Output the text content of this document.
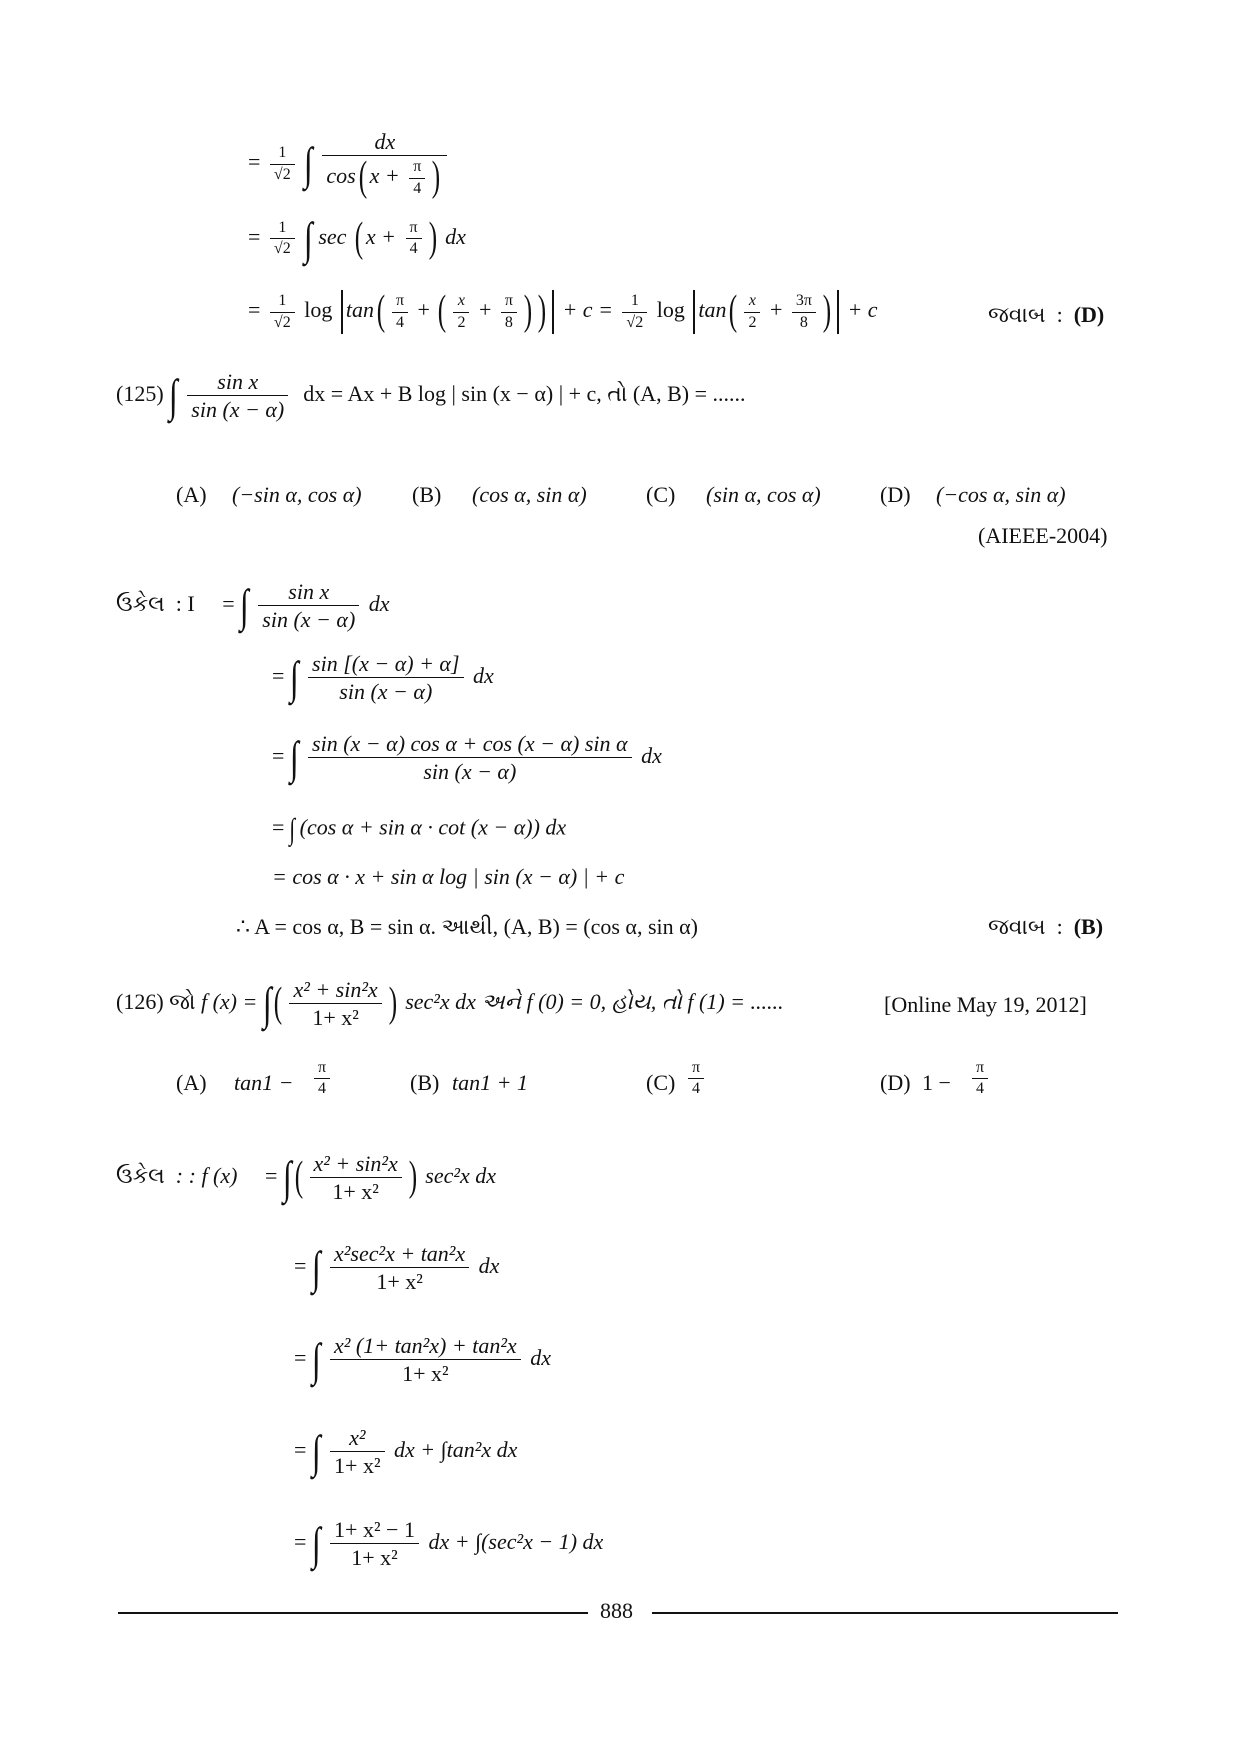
= $\frac{1}{√2}$ ∫ $\frac{dx}{\cos( x + \frac{\pi}{4} )}$
= $\frac{1}{√2}$ ∫ sec ( $x + \frac{\pi}{4}$ ) dx
= $\frac{1}{√2}$ $\log \tan( \frac{\pi}{4}$ + ( $\frac{x}{2} + \frac{\pi}{8}$ ) ) + $c = \frac{1}{√2}$ $\log \tan( \frac{x}{2} + \frac{3\pi}{8}$ ) + c	જવાબ  :  (D)
(125) ∫ $\frac{\text{sin x}}{\sin (x - \alpha)}$ dx = Ax + B log | sin (x − α) | + c, તો (A, B) = ......
(A) (−sin α, cos α) (B) (cos α, sin α)	(C) (sin α, cos α)	(D) (−cos α, sin α)
(AIEEE-2004)
ઉકેલ : I     = ∫ $\frac{\text{sin x}}{\sin (x - \alpha)}$ dx
= ∫ $\frac{\sin [(x - \alpha) + \alpha]}{\sin (x - \alpha)}$ dx
= ∫ $\frac{\text{sin (x − α) cos α + cos (x − α) sin α}}{\sin (x - \alpha)}$ dx
= ∫ (cos α + sin α · cot (x − α)) dx
= cos α · x + sin α log | sin (x − α) | + c
∴ A = cos α, B = sin α. આથી, (A, B) = (cos α, sin α)	જવાબ  :  (B)
(126) જો f (x) = ∫( $\frac{\text{x² + sin²x}}{\text{1+ x²}}$ ) sec²x dx અને f (0) = 0, હોય, તો f (1) = ......	[Online May 19, 2012]
(A) $\tan 1 - \frac{\pi}{4}$	(B) tan1 + 1	$(C) \frac{\pi}{4}$	(D) $1 - \frac{\pi}{4}$
ઉકેલ : : f (x)     = ∫( $\frac{\text{x² + sin²x}}{\text{1+ x²}}$ ) sec²x dx
= ∫ $\frac{\text{x²sec²x + tan²x}}{\text{1+ x²}}$ dx
= ∫ $\frac{\text{x² (1+ tan²x) + tan²x}}{\text{1+ x²}}$ dx
= ∫ $\frac{\text{x²}}{\text{1+ x²}}$ dx + ∫tan²x dx
= ∫ $\frac{\text{1+ x² − 1}}{\text{1+ x²}}$ dx + ∫(sec²x − 1) dx
888
